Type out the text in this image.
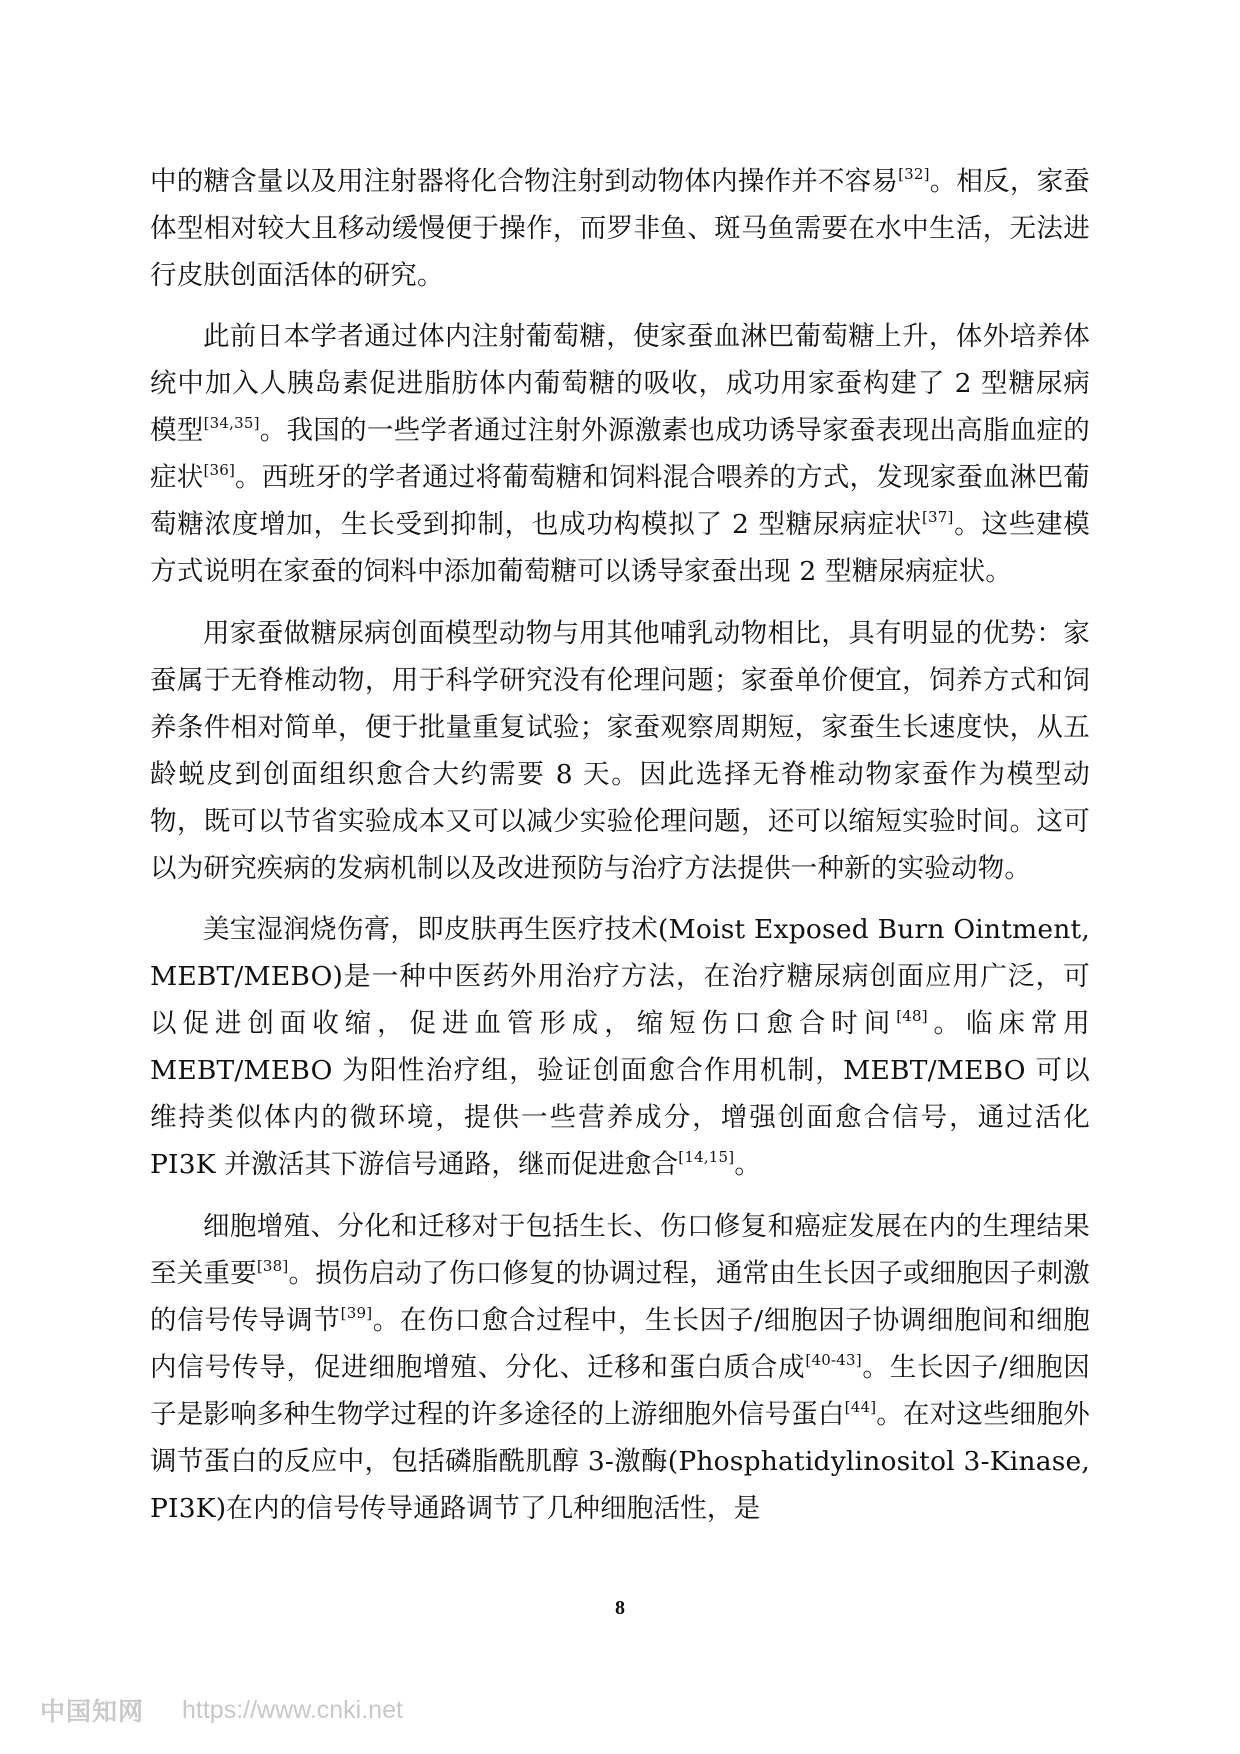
中的糖含量以及用注射器将化合物注射到动物体内操作并不容易[32]。相反，家蚕体型相对较大且移动缓慢便于操作，而罗非鱼、斑马鱼需要在水中生活，无法进行皮肤创面活体的研究。

此前日本学者通过体内注射葡萄糖，使家蚕血淋巴葡萄糖上升，体外培养体统中加入人胰岛素促进脂肪体内葡萄糖的吸收，成功用家蚕构建了 2 型糖尿病模型[34,35]。我国的一些学者通过注射外源激素也成功诱导家蚕表现出高脂血症的症状[36]。西班牙的学者通过将葡萄糖和饲料混合喂养的方式，发现家蚕血淋巴葡萄糖浓度增加，生长受到抑制，也成功构模拟了 2 型糖尿病症状[37]。这些建模方式说明在家蚕的饲料中添加葡萄糖可以诱导家蚕出现 2 型糖尿病症状。

用家蚕做糖尿病创面模型动物与用其他哺乳动物相比，具有明显的优势：家蚕属于无脊椎动物，用于科学研究没有伦理问题；家蚕单价便宜，饲养方式和饲养条件相对简单，便于批量重复试验；家蚕观察周期短，家蚕生长速度快，从五龄蜕皮到创面组织愈合大约需要 8 天。因此选择无脊椎动物家蚕作为模型动物，既可以节省实验成本又可以减少实验伦理问题，还可以缩短实验时间。这可以为研究疾病的发病机制以及改进预防与治疗方法提供一种新的实验动物。

美宝湿润烧伤膏，即皮肤再生医疗技术(Moist Exposed Burn Ointment, MEBT/MEBO)是一种中医药外用治疗方法，在治疗糖尿病创面应用广泛，可以促进创面收缩，促进血管形成，缩短伤口愈合时间[48]。临床常用 MEBT/MEBO 为阳性治疗组，验证创面愈合作用机制，MEBT/MEBO 可以维持类似体内的微环境，提供一些营养成分，增强创面愈合信号，通过活化 PI3K 并激活其下游信号通路，继而促进愈合[14,15]。

细胞增殖、分化和迁移对于包括生长、伤口修复和癌症发展在内的生理结果至关重要[38]。损伤启动了伤口修复的协调过程，通常由生长因子或细胞因子刺激的信号传导调节[39]。在伤口愈合过程中，生长因子/细胞因子协调细胞间和细胞内信号传导，促进细胞增殖、分化、迁移和蛋白质合成[40-43]。生长因子/细胞因子是影响多种生物学过程的许多途径的上游细胞外信号蛋白[44]。在对这些细胞外调节蛋白的反应中，包括磷脂酰肌醇 3-激酶(Phosphatidylinositol 3-Kinase, PI3K)在内的信号传导通路调节了几种细胞活性，是

8
中国知网 https://www.cnki.net
